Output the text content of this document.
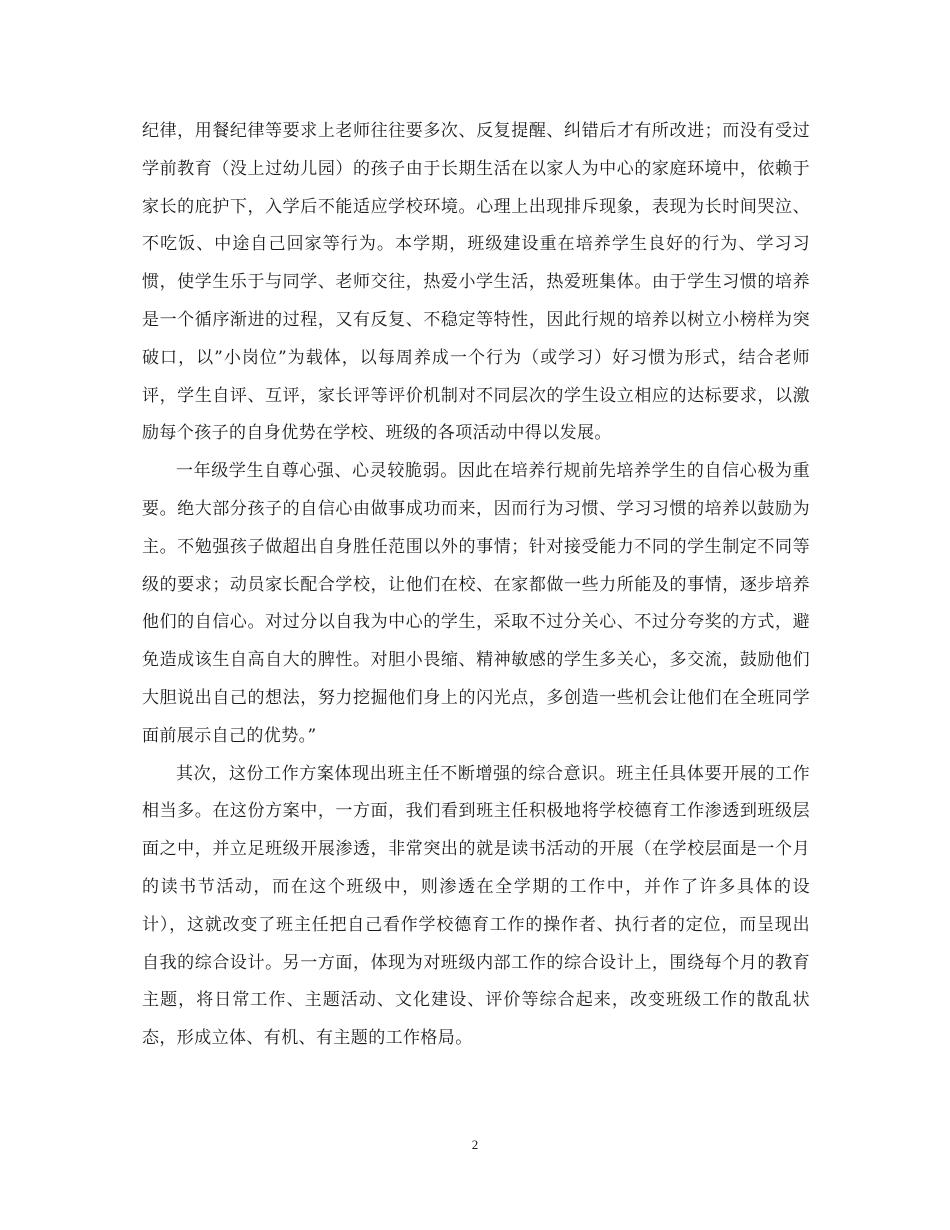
纪律，用餐纪律等要求上老师往往要多次、反复提醒、纠错后才有所改进；而没有受过学前教育（没上过幼儿园）的孩子由于长期生活在以家人为中心的家庭环境中，依赖于家长的庇护下，入学后不能适应学校环境。心理上出现排斥现象，表现为长时间哭泣、不吃饭、中途自己回家等行为。本学期，班级建设重在培养学生良好的行为、学习习惯，使学生乐于与同学、老师交往，热爱小学生活，热爱班集体。由于学生习惯的培养是一个循序渐进的过程，又有反复、不稳定等特性，因此行规的培养以树立小榜样为突破口，以”小岗位”为载体，以每周养成一个行为（或学习）好习惯为形式，结合老师评，学生自评、互评，家长评等评价机制对不同层次的学生设立相应的达标要求，以激励每个孩子的自身优势在学校、班级的各项活动中得以发展。

一年级学生自尊心强、心灵较脆弱。因此在培养行规前先培养学生的自信心极为重要。绝大部分孩子的自信心由做事成功而来，因而行为习惯、学习习惯的培养以鼓励为主。不勉强孩子做超出自身胜任范围以外的事情；针对接受能力不同的学生制定不同等级的要求；动员家长配合学校，让他们在校、在家都做一些力所能及的事情，逐步培养他们的自信心。对过分以自我为中心的学生，采取不过分关心、不过分夸奖的方式，避免造成该生自高自大的脾性。对胆小畏缩、精神敏感的学生多关心，多交流，鼓励他们大胆说出自己的想法，努力挖掘他们身上的闪光点，多创造一些机会让他们在全班同学面前展示自己的优势。”

其次，这份工作方案体现出班主任不断增强的综合意识。班主任具体要开展的工作相当多。在这份方案中，一方面，我们看到班主任积极地将学校德育工作渗透到班级层面之中，并立足班级开展渗透，非常突出的就是读书活动的开展（在学校层面是一个月的读书节活动，而在这个班级中，则渗透在全学期的工作中，并作了许多具体的设计），这就改变了班主任把自己看作学校德育工作的操作者、执行者的定位，而呈现出自我的综合设计。另一方面，体现为对班级内部工作的综合设计上，围绕每个月的教育主题，将日常工作、主题活动、文化建设、评价等综合起来，改变班级工作的散乱状态，形成立体、有机、有主题的工作格局。

2
